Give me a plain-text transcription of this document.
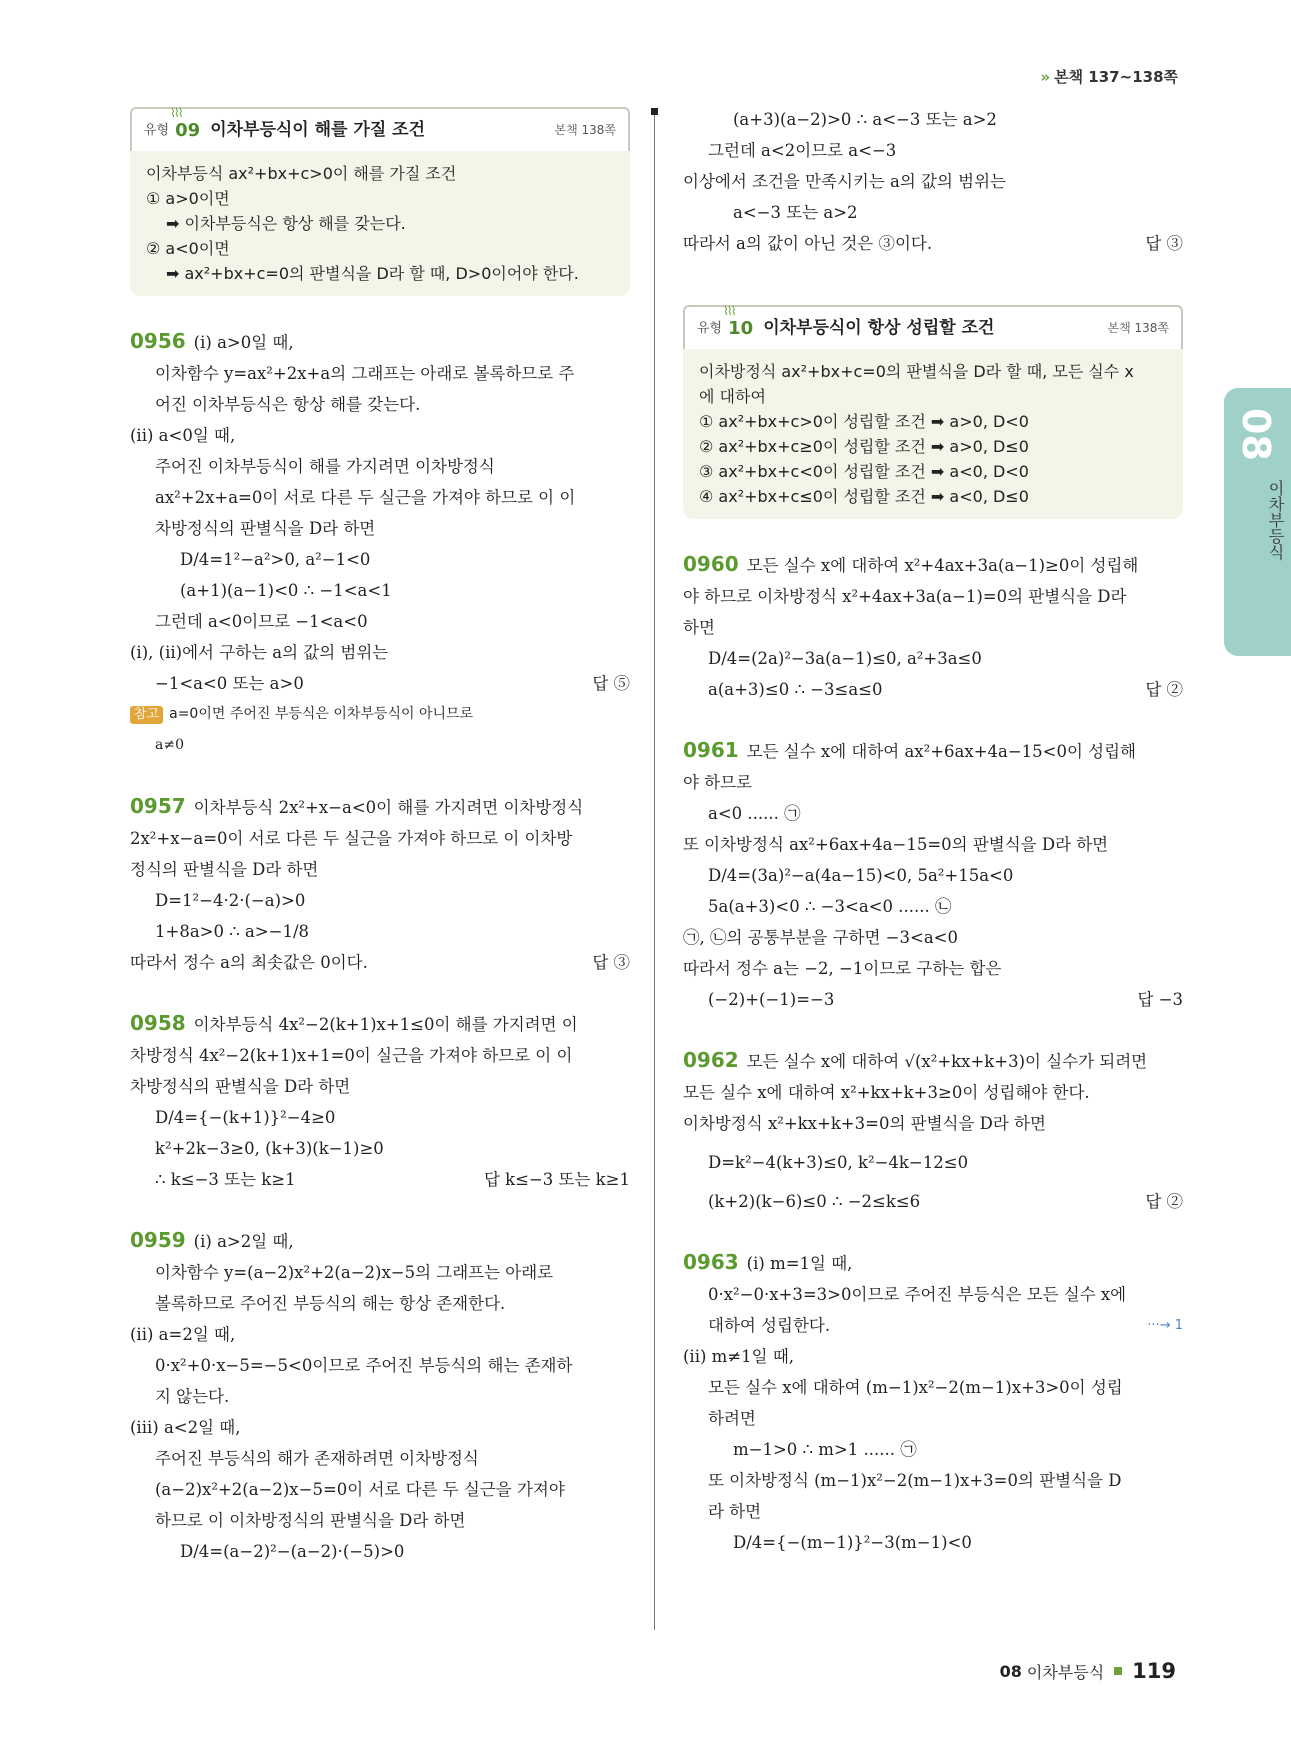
» 본책 137~138쪽
⌇⌇⌇
유형 09 이차부등식이 해를 가질 조건	본책 138쪽
이차부등식 ax²+bx+c>0이 해를 가질 조건
① a>0이면
➡ 이차부등식은 항상 해를 갖는다.
② a<0이면
➡ ax²+bx+c=0의 판별식을 D라 할 때, D>0이어야 한다.
0956 (i) a>0일 때,
이차함수 y=ax²+2x+a의 그래프는 아래로 볼록하므로 주
어진 이차부등식은 항상 해를 갖는다.
(ii) a<0일 때,
주어진 이차부등식이 해를 가지려면 이차방정식
ax²+2x+a=0이 서로 다른 두 실근을 가져야 하므로 이 이
차방정식의 판별식을 D라 하면
D/4=1²−a²>0, a²−1<0
(a+1)(a−1)<0 ∴ −1<a<1
그런데 a<0이므로 −1<a<0
(i), (ii)에서 구하는 a의 값의 범위는
−1<a<0 또는 a>0	답 ⑤
참고 a=0이면 주어진 부등식은 이차부등식이 아니므로
a≠0
0957 이차부등식 2x²+x−a<0이 해를 가지려면 이차방정식
2x²+x−a=0이 서로 다른 두 실근을 가져야 하므로 이 이차방
정식의 판별식을 D라 하면
D=1²−4·2·(−a)>0
1+8a>0 ∴ a>−1/8
따라서 정수 a의 최솟값은 0이다.	답 ③
0958 이차부등식 4x²−2(k+1)x+1≤0이 해를 가지려면 이
차방정식 4x²−2(k+1)x+1=0이 실근을 가져야 하므로 이 이
차방정식의 판별식을 D라 하면
D/4={−(k+1)}²−4≥0
k²+2k−3≥0, (k+3)(k−1)≥0
∴ k≤−3 또는 k≥1	답 k≤−3 또는 k≥1
0959 (i) a>2일 때,
이차함수 y=(a−2)x²+2(a−2)x−5의 그래프는 아래로
볼록하므로 주어진 부등식의 해는 항상 존재한다.
(ii) a=2일 때,
0·x²+0·x−5=−5<0이므로 주어진 부등식의 해는 존재하
지 않는다.
(iii) a<2일 때,
주어진 부등식의 해가 존재하려면 이차방정식
(a−2)x²+2(a−2)x−5=0이 서로 다른 두 실근을 가져야
하므로 이 이차방정식의 판별식을 D라 하면
D/4=(a−2)²−(a−2)·(−5)>0
(a+3)(a−2)>0 ∴ a<−3 또는 a>2
그런데 a<2이므로 a<−3
이상에서 조건을 만족시키는 a의 값의 범위는
a<−3 또는 a>2
따라서 a의 값이 아닌 것은 ③이다.	답 ③
⌇⌇⌇
유형 10 이차부등식이 항상 성립할 조건	본책 138쪽
이차방정식 ax²+bx+c=0의 판별식을 D라 할 때, 모든 실수 x
에 대하여
① ax²+bx+c>0이 성립할 조건 ➡ a>0, D<0
② ax²+bx+c≥0이 성립할 조건 ➡ a>0, D≤0
③ ax²+bx+c<0이 성립할 조건 ➡ a<0, D<0
④ ax²+bx+c≤0이 성립할 조건 ➡ a<0, D≤0
0960 모든 실수 x에 대하여 x²+4ax+3a(a−1)≥0이 성립해
야 하므로 이차방정식 x²+4ax+3a(a−1)=0의 판별식을 D라
하면
D/4=(2a)²−3a(a−1)≤0, a²+3a≤0
a(a+3)≤0 ∴ −3≤a≤0	답 ②
0961 모든 실수 x에 대하여 ax²+6ax+4a−15<0이 성립해
야 하므로
a<0 ...... ㉠
또 이차방정식 ax²+6ax+4a−15=0의 판별식을 D라 하면
D/4=(3a)²−a(4a−15)<0, 5a²+15a<0
5a(a+3)<0 ∴ −3<a<0 ...... ㉡
㉠, ㉡의 공통부분을 구하면 −3<a<0
따라서 정수 a는 −2, −1이므로 구하는 합은
(−2)+(−1)=−3	답 −3
0962 모든 실수 x에 대하여 √(x²+kx+k+3)이 실수가 되려면
모든 실수 x에 대하여 x²+kx+k+3≥0이 성립해야 한다.
이차방정식 x²+kx+k+3=0의 판별식을 D라 하면
D=k²−4(k+3)≤0, k²−4k−12≤0
(k+2)(k−6)≤0 ∴ −2≤k≤6	답 ②
0963 (i) m=1일 때,
0·x²−0·x+3=3>0이므로 주어진 부등식은 모든 실수 x에
대하여 성립한다.	···→ 1
(ii) m≠1일 때,
모든 실수 x에 대하여 (m−1)x²−2(m−1)x+3>0이 성립
하려면
m−1>0 ∴ m>1 ...... ㉠
또 이차방정식 (m−1)x²−2(m−1)x+3=0의 판별식을 D
라 하면
D/4={−(m−1)}²−3(m−1)<0
08
이차부등식
08 이차부등식 119
